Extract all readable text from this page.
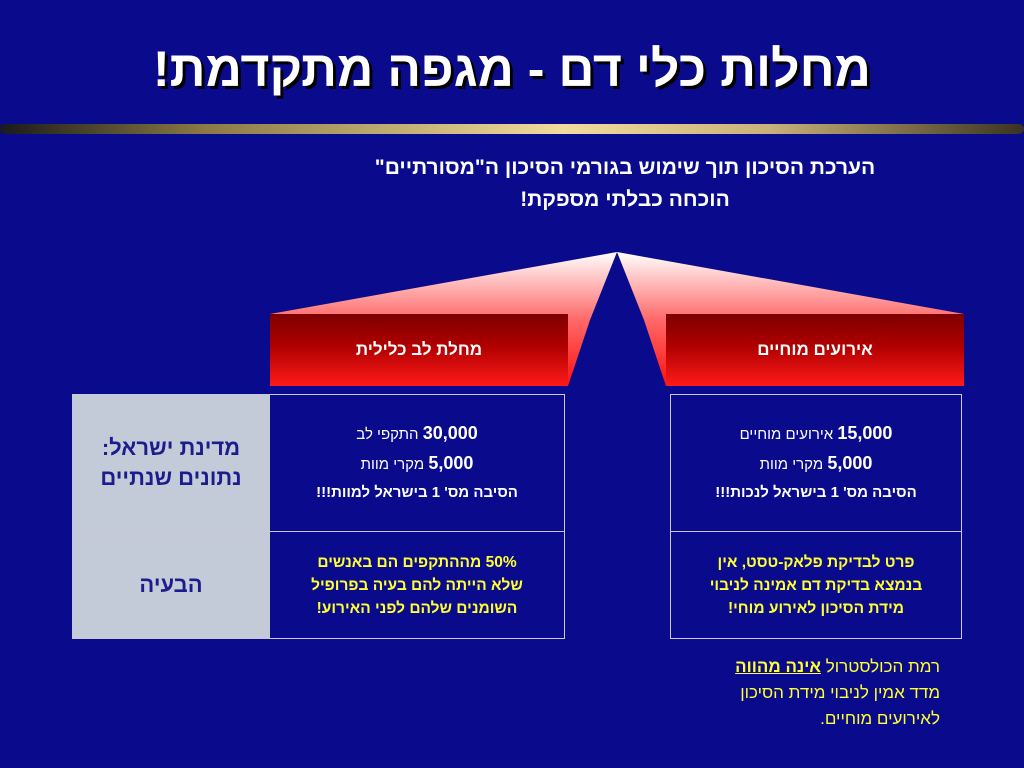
מחלות כלי דם - מגפה מתקדמת!
הערכת הסיכון תוך שימוש בגורמי הסיכון ה"מסורתיים"
הוכחה כבלתי מספקת!
מחלת לב כלילית	אירועים מוחיים
מדינת ישראל:
נתונים שנתיים
30,000 התקפי לב
5,000 מקרי מוות
הסיבה מס' 1 בישראל למוות!!!
הבעיה
50% מההתקפים הם באנשים
שלא הייתה להם בעיה בפרופיל
השומנים שלהם לפני האירוע!
15,000 אירועים מוחיים
5,000 מקרי מוות
הסיבה מס' 1 בישראל לנכות!!!
פרט לבדיקת פלאק-טסט, אין
בנמצא בדיקת דם אמינה לניבוי
מידת הסיכון לאירוע מוחי!
רמת הכולסטרול אינה מהווה
מדד אמין לניבוי מידת הסיכון
לאירועים מוחיים.
